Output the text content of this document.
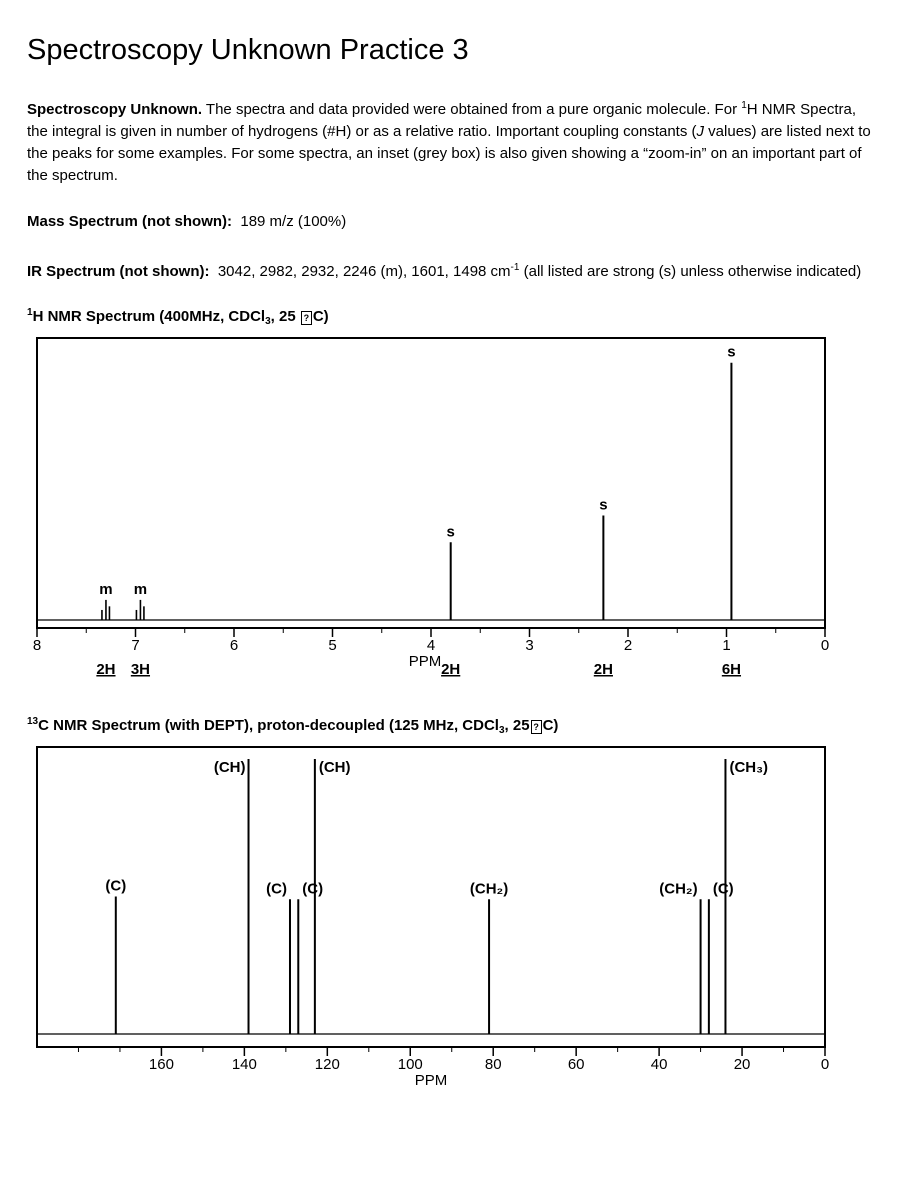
Spectroscopy Unknown Practice 3

Spectroscopy Unknown. The spectra and data provided were obtained from a pure organic molecule. For $^1$H NMR Spectra, the integral is given in number of hydrogens (#H) or as a relative ratio. Important coupling constants (J values) are listed next to the peaks for some examples. For some spectra, an inset (grey box) is also given showing a “zoom-in” on an important part of the spectrum.

Mass Spectrum (not shown):  189 m/z (100%)

IR Spectrum (not shown):  3042, 2982, 2932, 2246 (m), 1601, 1498 $cm^{-1}$ (all listed are strong (s) unless otherwise indicated)

$^1$H NMR Spectrum (400MHz, CDCl$_3$, 25 ? C)

8	7	6	5	4	3	2	1	0
PPM
m
2H
m
3H
s
2H
s
2H
s
6H

$^{13}$C NMR Spectrum (with DEPT), proton-decoupled (125 MHz, CDCl$_3$, 25 ? C)

160	140	120	100	80	60	40	20	0
PPM
(C)
(CH)
(C) (C)
(CH)
(CH₂)	(CH₂) (C)
(CH₃)
